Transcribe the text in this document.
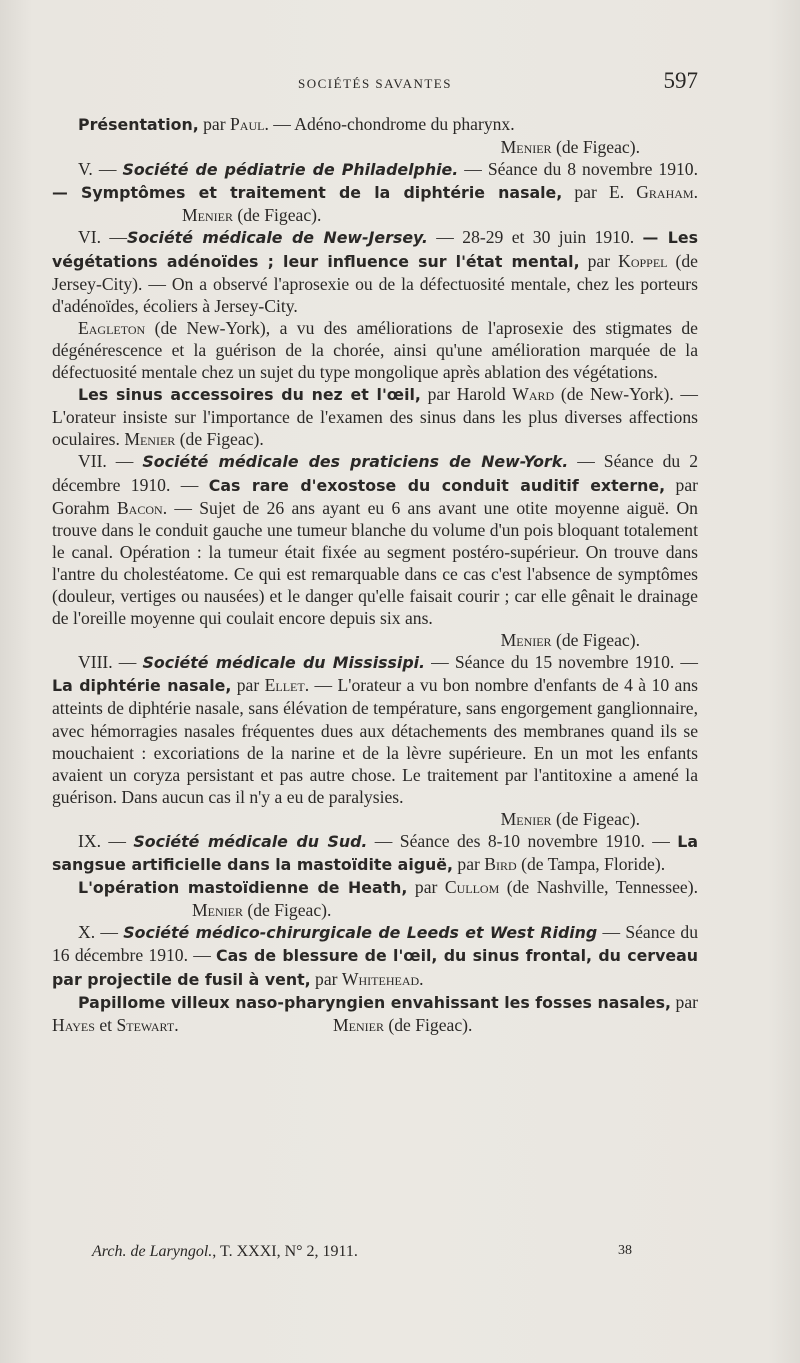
SOCIÉTÉS SAVANTES	597

Présentation, par Paul. — Adéno-chondrome du pharynx.

Menier (de Figeac).

V. — Société de pédiatrie de Philadelphie. — Séance du 8 novembre 1910. — Symptômes et traitement de la diphtérie nasale, par E. Graham. Menier (de Figeac).

VI. —Société médicale de New-Jersey. — 28-29 et 30 juin 1910. — Les végétations adénoïdes ; leur influence sur l'état mental, par Koppel (de Jersey-City). — On a observé l'aprosexie ou de la défectuosité mentale, chez les porteurs d'adénoïdes, écoliers à Jersey-City.

Eagleton (de New-York), a vu des améliorations de l'aprosexie des stigmates de dégénérescence et la guérison de la chorée, ainsi qu'une amélioration marquée de la défectuosité mentale chez un sujet du type mongolique après ablation des végétations.

Les sinus accessoires du nez et l'œil, par Harold Ward (de New-York). — L'orateur insiste sur l'importance de l'examen des sinus dans les plus diverses affections oculaires. Menier (de Figeac).

VII. — Société médicale des praticiens de New-York. — Séance du 2 décembre 1910. — Cas rare d'exostose du conduit auditif externe, par Gorahm Bacon. — Sujet de 26 ans ayant eu 6 ans avant une otite moyenne aiguë. On trouve dans le conduit gauche une tumeur blanche du volume d'un pois bloquant totalement le canal. Opération : la tumeur était fixée au segment postéro-supérieur. On trouve dans l'antre du cholestéatome. Ce qui est remarquable dans ce cas c'est l'absence de symptômes (douleur, vertiges ou nausées) et le danger qu'elle faisait courir ; car elle gênait le drainage de l'oreille moyenne qui coulait encore depuis six ans.

Menier (de Figeac).

VIII. — Société médicale du Mississipi. — Séance du 15 novembre 1910. — La diphtérie nasale, par Ellet. — L'orateur a vu bon nombre d'enfants de 4 à 10 ans atteints de diphtérie nasale, sans élévation de température, sans engorgement ganglionnaire, avec hémorragies nasales fréquentes dues aux détachements des membranes quand ils se mouchaient : excoriations de la narine et de la lèvre supérieure. En un mot les enfants avaient un coryza persistant et pas autre chose. Le traitement par l'antitoxine a amené la guérison. Dans aucun cas il n'y a eu de paralysies.

Menier (de Figeac).

IX. — Société médicale du Sud. — Séance des 8-10 novembre 1910. — La sangsue artificielle dans la mastoïdite aiguë, par Bird (de Tampa, Floride).

L'opération mastoïdienne de Heath, par Cullom (de Nashville, Tennessee). Menier (de Figeac).

X. — Société médico-chirurgicale de Leeds et West Riding — Séance du 16 décembre 1910. — Cas de blessure de l'œil, du sinus frontal, du cerveau par projectile de fusil à vent, par Whitehead.

Papillome villeux naso-pharyngien envahissant les fosses nasales, par Hayes et Stewart.	Menier (de Figeac).

Arch. de Laryngol., T. XXXI, N° 2, 1911.	38
